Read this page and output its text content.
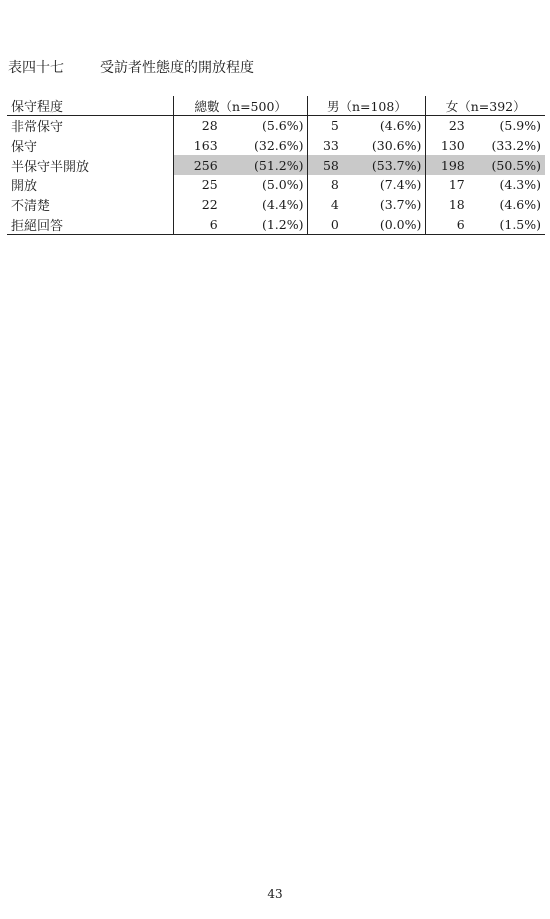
表四十七	受訪者性態度的開放程度
保守程度	總數（n=500）		男（n=108）		女（n=392）	
非常保守	28	(5.6%)	5	(4.6%)	23	(5.9%)
保守	163	(32.6%)	33	(30.6%)	130	(33.2%)
半保守半開放	256	(51.2%)	58	(53.7%)	198	(50.5%)
開放	25	(5.0%)	8	(7.4%)	17	(4.3%)
不清楚	22	(4.4%)	4	(3.7%)	18	(4.6%)
拒絕回答	6	(1.2%)	0	(0.0%)	6	(1.5%)
43
